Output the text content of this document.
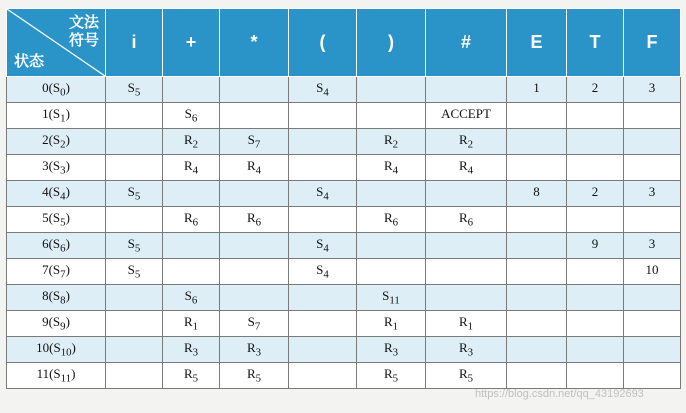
文法
符号
状态	i	+	*	(	)	#	E	T	F
$0(S_0)$	$S_5$			$S_4$			1	2	3
$1(S_1)$		$S_6$				ACCEPT			
$2(S_2)$		$R_2$	$S_7$		$R_2$	$R_2$			
$3(S_3)$		$R_4$	$R_4$		$R_4$	$R_4$			
$4(S_4)$	$S_5$			$S_4$			8	2	3
$5(S_5)$		$R_6$	$R_6$		$R_6$	$R_6$			
$6(S_6)$	$S_5$			$S_4$				9	3
$7(S_7)$	$S_5$			$S_4$					10
$8(S_8)$		$S_6$			$S_{11}$				
$9(S_9)$		$R_1$	$S_7$		$R_1$	$R_1$			
$10(S_{10})$		$R_3$	$R_3$		$R_3$	$R_3$			
$11(S_{11})$		$R_5$	$R_5$		$R_5$	$R_5$			
https://blog.csdn.net/qq_43192693
